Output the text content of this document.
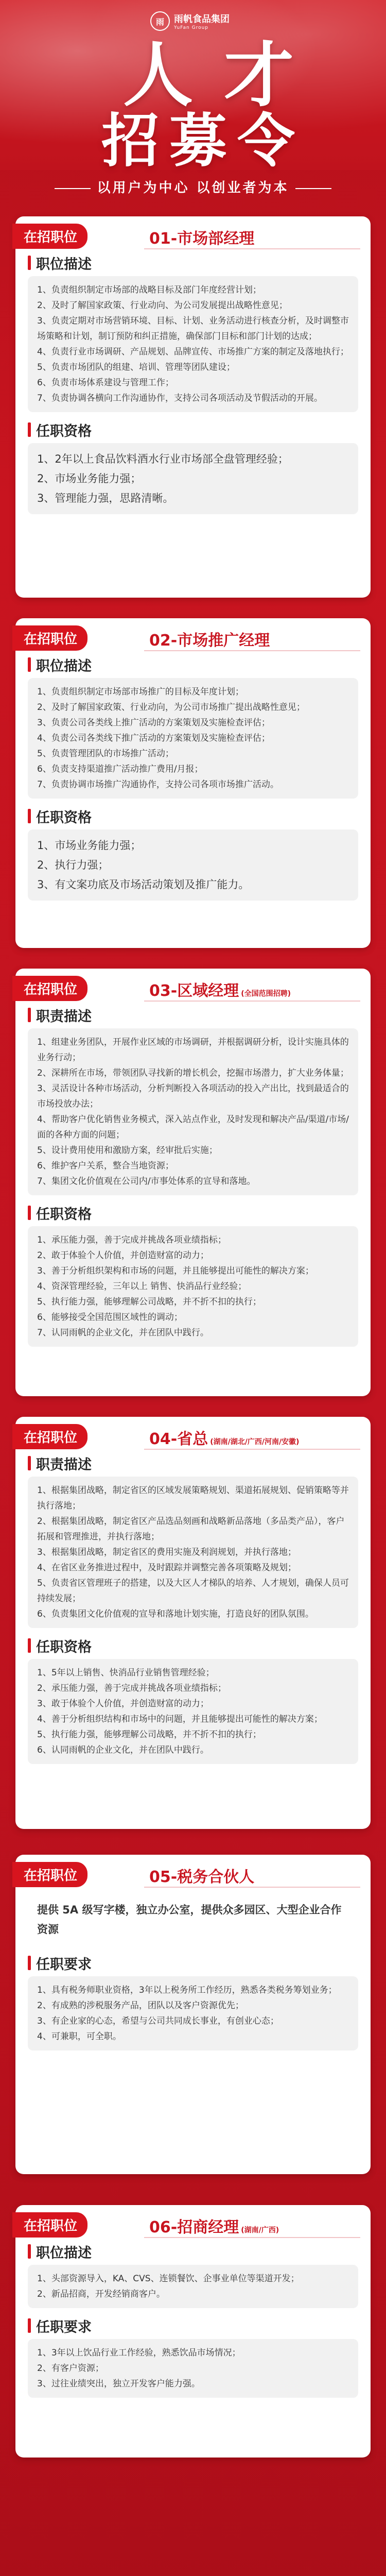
雨	雨帆食品集团
YuFan Group
人才
招募令
以用户为中心 以创业者为本
在招职位	01-市场部经理
职位描述

1、负责组织制定市场部的战略目标及部门年度经营计划；

2、及时了解国家政策、行业动向、为公司发展提出战略性意见；

3、负责定期对市场营销环境、目标、计划、业务活动进行核查分析，及时调整市场策略和计划，制订预防和纠正措施，确保部门目标和部门计划的达成；

4、负责行业市场调研、产品规划、品牌宣传、市场推广方案的制定及落地执行；

5、负责市场团队的组建、培训、管理等团队建设；

6、负责市场体系建设与管理工作；

7、负责协调各横向工作沟通协作，支持公司各项活动及节假活动的开展。

任职资格

1、2年以上食品饮料酒水行业市场部全盘管理经验；

2、市场业务能力强；

3、管理能力强，思路清晰。

在招职位	02-市场推广经理
职位描述

1、负责组织制定市场部市场推广的目标及年度计划；

2、及时了解国家政策、行业动向，为公司市场推广提出战略性意见；

3、负责公司各类线上推广活动的方案策划及实施检查评估；

4、负责公司各类线下推广活动的方案策划及实施检查评估；

5、负责管理团队的市场推广活动；

6、负责支持渠道推广活动推广费用/月报；

7、负责协调市场推广沟通协作，支持公司各项市场推广活动。

任职资格

1、市场业务能力强；

2、执行力强；

3、有文案功底及市场活动策划及推广能力。

在招职位	03-区域经理 (全国范围招聘)
职责描述

1、组建业务团队，开展作业区域的市场调研，并根据调研分析，设计实施具体的业务行动；

2、深耕所在市场，带领团队寻找新的增长机会，挖掘市场潜力，扩大业务体量；

3、灵活设计各种市场活动，分析判断投入各项活动的投入产出比，找到最适合的市场投放办法；

4、帮助客户优化销售业务模式，深入站点作业，及时发现和解决产品/渠道/市场/面的各种方面的问题；

5、设计费用使用和激励方案，经审批后实施；

6、维护客户关系，整合当地资源；

7、集团文化价值观在公司内/市事处体系的宣导和落地。

任职资格

1、承压能力强，善于完成并挑战各项业绩指标；

2、敢于体验个人价值，并创造财富的动力；

3、善于分析组织架构和市场的问题，并且能够提出可能性的解决方案；

4、资深管理经验，三年以上 销售、快消品行业经验；

5、执行能力强，能够理解公司战略，并不折不扣的执行；

6、能够接受全国范围区域性的调动；

7、认同雨帆的企业文化，并在团队中践行。

在招职位	04-省总 (湖南/湖北/广西/河南/安徽)
职责描述

1、根据集团战略，制定省区的区域发展策略规划、渠道拓展规划、促销策略等并执行落地；

2、根据集团战略，制定省区产品选品刻画和战略新品落地（多品类产品），客户拓展和管理推进，并执行落地；

3、根据集团战略，制定省区的费用实施及利润规划，并执行落地；

4、在省区业务推进过程中，及时跟踪并调整完善各项策略及规划；

5、负责省区管理班子的搭建，以及大区人才梯队的培养、人才规划，确保人员可持续发展；

6、负责集团文化价值观的宣导和落地计划实施，打造良好的团队氛围。

任职资格

1、5年以上销售、快消品行业销售管理经验；

2、承压能力强，善于完成并挑战各项业绩指标；

3、敢于体验个人价值，并创造财富的动力；

4、善于分析组织结构和市场中的问题，并且能够提出可能性的解决方案；

5、执行能力强，能够理解公司战略，并不折不扣的执行；

6、认同雨帆的企业文化，并在团队中践行。

在招职位	05-税务合伙人
提供 5A 级写字楼，独立办公室，提供众多园区、大型企业合作资源
任职要求

1、具有税务师职业资格，3年以上税务所工作经历，熟悉各类税务筹划业务；

2、有成熟的涉税服务产品，团队以及客户资源优先；

3、有企业家的心态，希望与公司共同成长事业，有创业心态；

4、可兼职，可全职。

在招职位	06-招商经理 (湖南/广西)
职位描述

1、头部资源导入，KA、CVS、连锁餐饮、企事业单位等渠道开发；

2、新品招商，开发经销商客户。

任职要求

1、3年以上饮品行业工作经验，熟悉饮品市场情况；

2、有客户资源；

3、过往业绩突出，独立开发客户能力强。
